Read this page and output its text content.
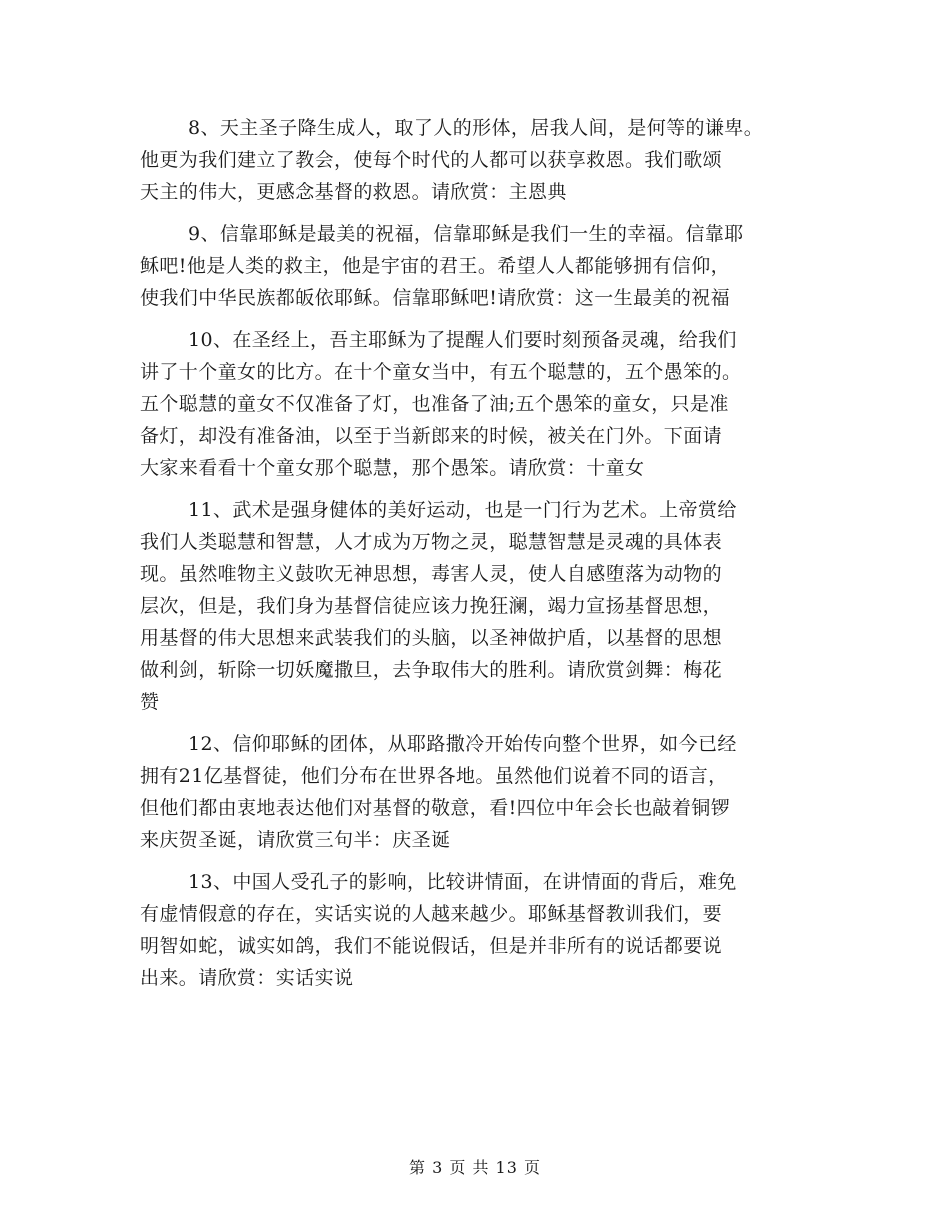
8、天主圣子降生成人，取了人的形体，居我人间，是何等的谦卑。
他更为我们建立了教会，使每个时代的人都可以获享救恩。我们歌颂
天主的伟大，更感念基督的救恩。请欣赏：主恩典

9、信靠耶稣是最美的祝福，信靠耶稣是我们一生的幸福。信靠耶
稣吧!他是人类的救主，他是宇宙的君王。希望人人都能够拥有信仰，
使我们中华民族都皈依耶稣。信靠耶稣吧!请欣赏：这一生最美的祝福

10、在圣经上，吾主耶稣为了提醒人们要时刻预备灵魂，给我们
讲了十个童女的比方。在十个童女当中，有五个聪慧的，五个愚笨的。
五个聪慧的童女不仅准备了灯，也准备了油;五个愚笨的童女，只是准
备灯，却没有准备油，以至于当新郎来的时候，被关在门外。下面请
大家来看看十个童女那个聪慧，那个愚笨。请欣赏：十童女

11、武术是强身健体的美好运动，也是一门行为艺术。上帝赏给
我们人类聪慧和智慧，人才成为万物之灵，聪慧智慧是灵魂的具体表
现。虽然唯物主义鼓吹无神思想，毒害人灵，使人自感堕落为动物的
层次，但是，我们身为基督信徒应该力挽狂澜，竭力宣扬基督思想，
用基督的伟大思想来武装我们的头脑，以圣神做护盾，以基督的思想
做利剑，斩除一切妖魔撒旦，去争取伟大的胜利。请欣赏剑舞：梅花
赞

12、信仰耶稣的团体，从耶路撒冷开始传向整个世界，如今已经
拥有21亿基督徒，他们分布在世界各地。虽然他们说着不同的语言，
但他们都由衷地表达他们对基督的敬意，看!四位中年会长也敲着铜锣
来庆贺圣诞，请欣赏三句半：庆圣诞

13、中国人受孔子的影响，比较讲情面，在讲情面的背后，难免
有虚情假意的存在，实话实说的人越来越少。耶稣基督教训我们，要
明智如蛇，诚实如鸽，我们不能说假话，但是并非所有的说话都要说
出来。请欣赏：实话实说

第 3 页 共 13 页
